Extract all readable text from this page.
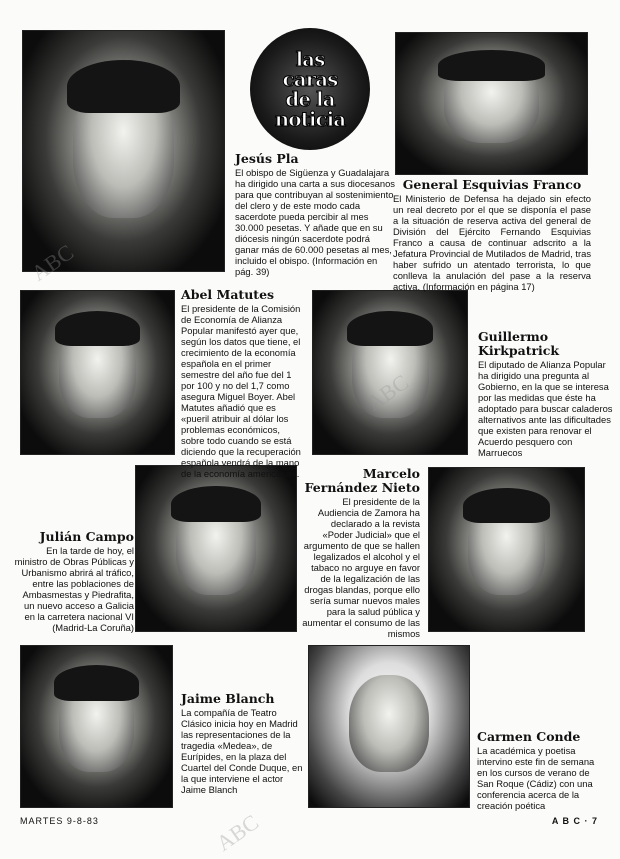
las
caras
de la
noticia
Jesús Pla

El obispo de Sigüenza y Guadalajara ha dirigido una carta a sus diocesanos para que contribuyan al sostenimiento del clero y de este modo cada sacerdote pueda percibir al mes 30.000 pesetas. Y añade que en su diócesis ningún sacerdote podrá ganar más de 60.000 pesetas al mes, incluido el obispo. (Información en pág. 39)

General Esquivias Franco

El Ministerio de Defensa ha dejado sin efecto un real decreto por el que se disponía el pase a la situación de reserva activa del general de División del Ejército Fernando Esquivias Franco a causa de continuar adscrito a la Jefatura Provincial de Mutilados de Madrid, tras haber sufrido un atentado terrorista, lo que conlleva la anulación del pase a la reserva activa. (Información en página 17)

Abel Matutes

El presidente de la Comisión de Economía de Alianza Popular manifestó ayer que, según los datos que tiene, el crecimiento de la economía española en el primer semestre del año fue del 1 por 100 y no del 1,7 como asegura Miguel Boyer. Abel Matutes añadió que es «pueril atribuir al dólar los problemas económicos, sobre todo cuando se está diciendo que la recuperación española vendrá de la mano de la economía americana».

Guillermo Kirkpatrick

El diputado de Alianza Popular ha dirigido una pregunta al Gobierno, en la que se interesa por las medidas que éste ha adoptado para buscar caladeros alternativos ante las dificultades que existen para renovar el Acuerdo pesquero con Marruecos

Julián Campo

En la tarde de hoy, el ministro de Obras Públicas y Urbanismo abrirá al tráfico, entre las poblaciones de Ambasmestas y Piedrafita, un nuevo acceso a Galicia en la carretera nacional VI (Madrid-La Coruña)

Marcelo Fernández Nieto

El presidente de la Audiencia de Zamora ha declarado a la revista «Poder Judicial» que el argumento de que se hallen legalizados el alcohol y el tabaco no arguye en favor de la legalización de las drogas blandas, porque ello sería sumar nuevos males para la salud pública y aumentar el consumo de las mismos

Jaime Blanch

La compañía de Teatro Clásico inicia hoy en Madrid las representaciones de la tragedia «Medea», de Eurípides, en la plaza del Cuartel del Conde Duque, en la que interviene el actor Jaime Blanch

Carmen Conde

La académica y poetisa intervino este fin de semana en los cursos de verano de San Roque (Cádiz) con una conferencia acerca de la creación poética

ABC
ABC
ABC
MARTES 9-8-83	A B C · 7
